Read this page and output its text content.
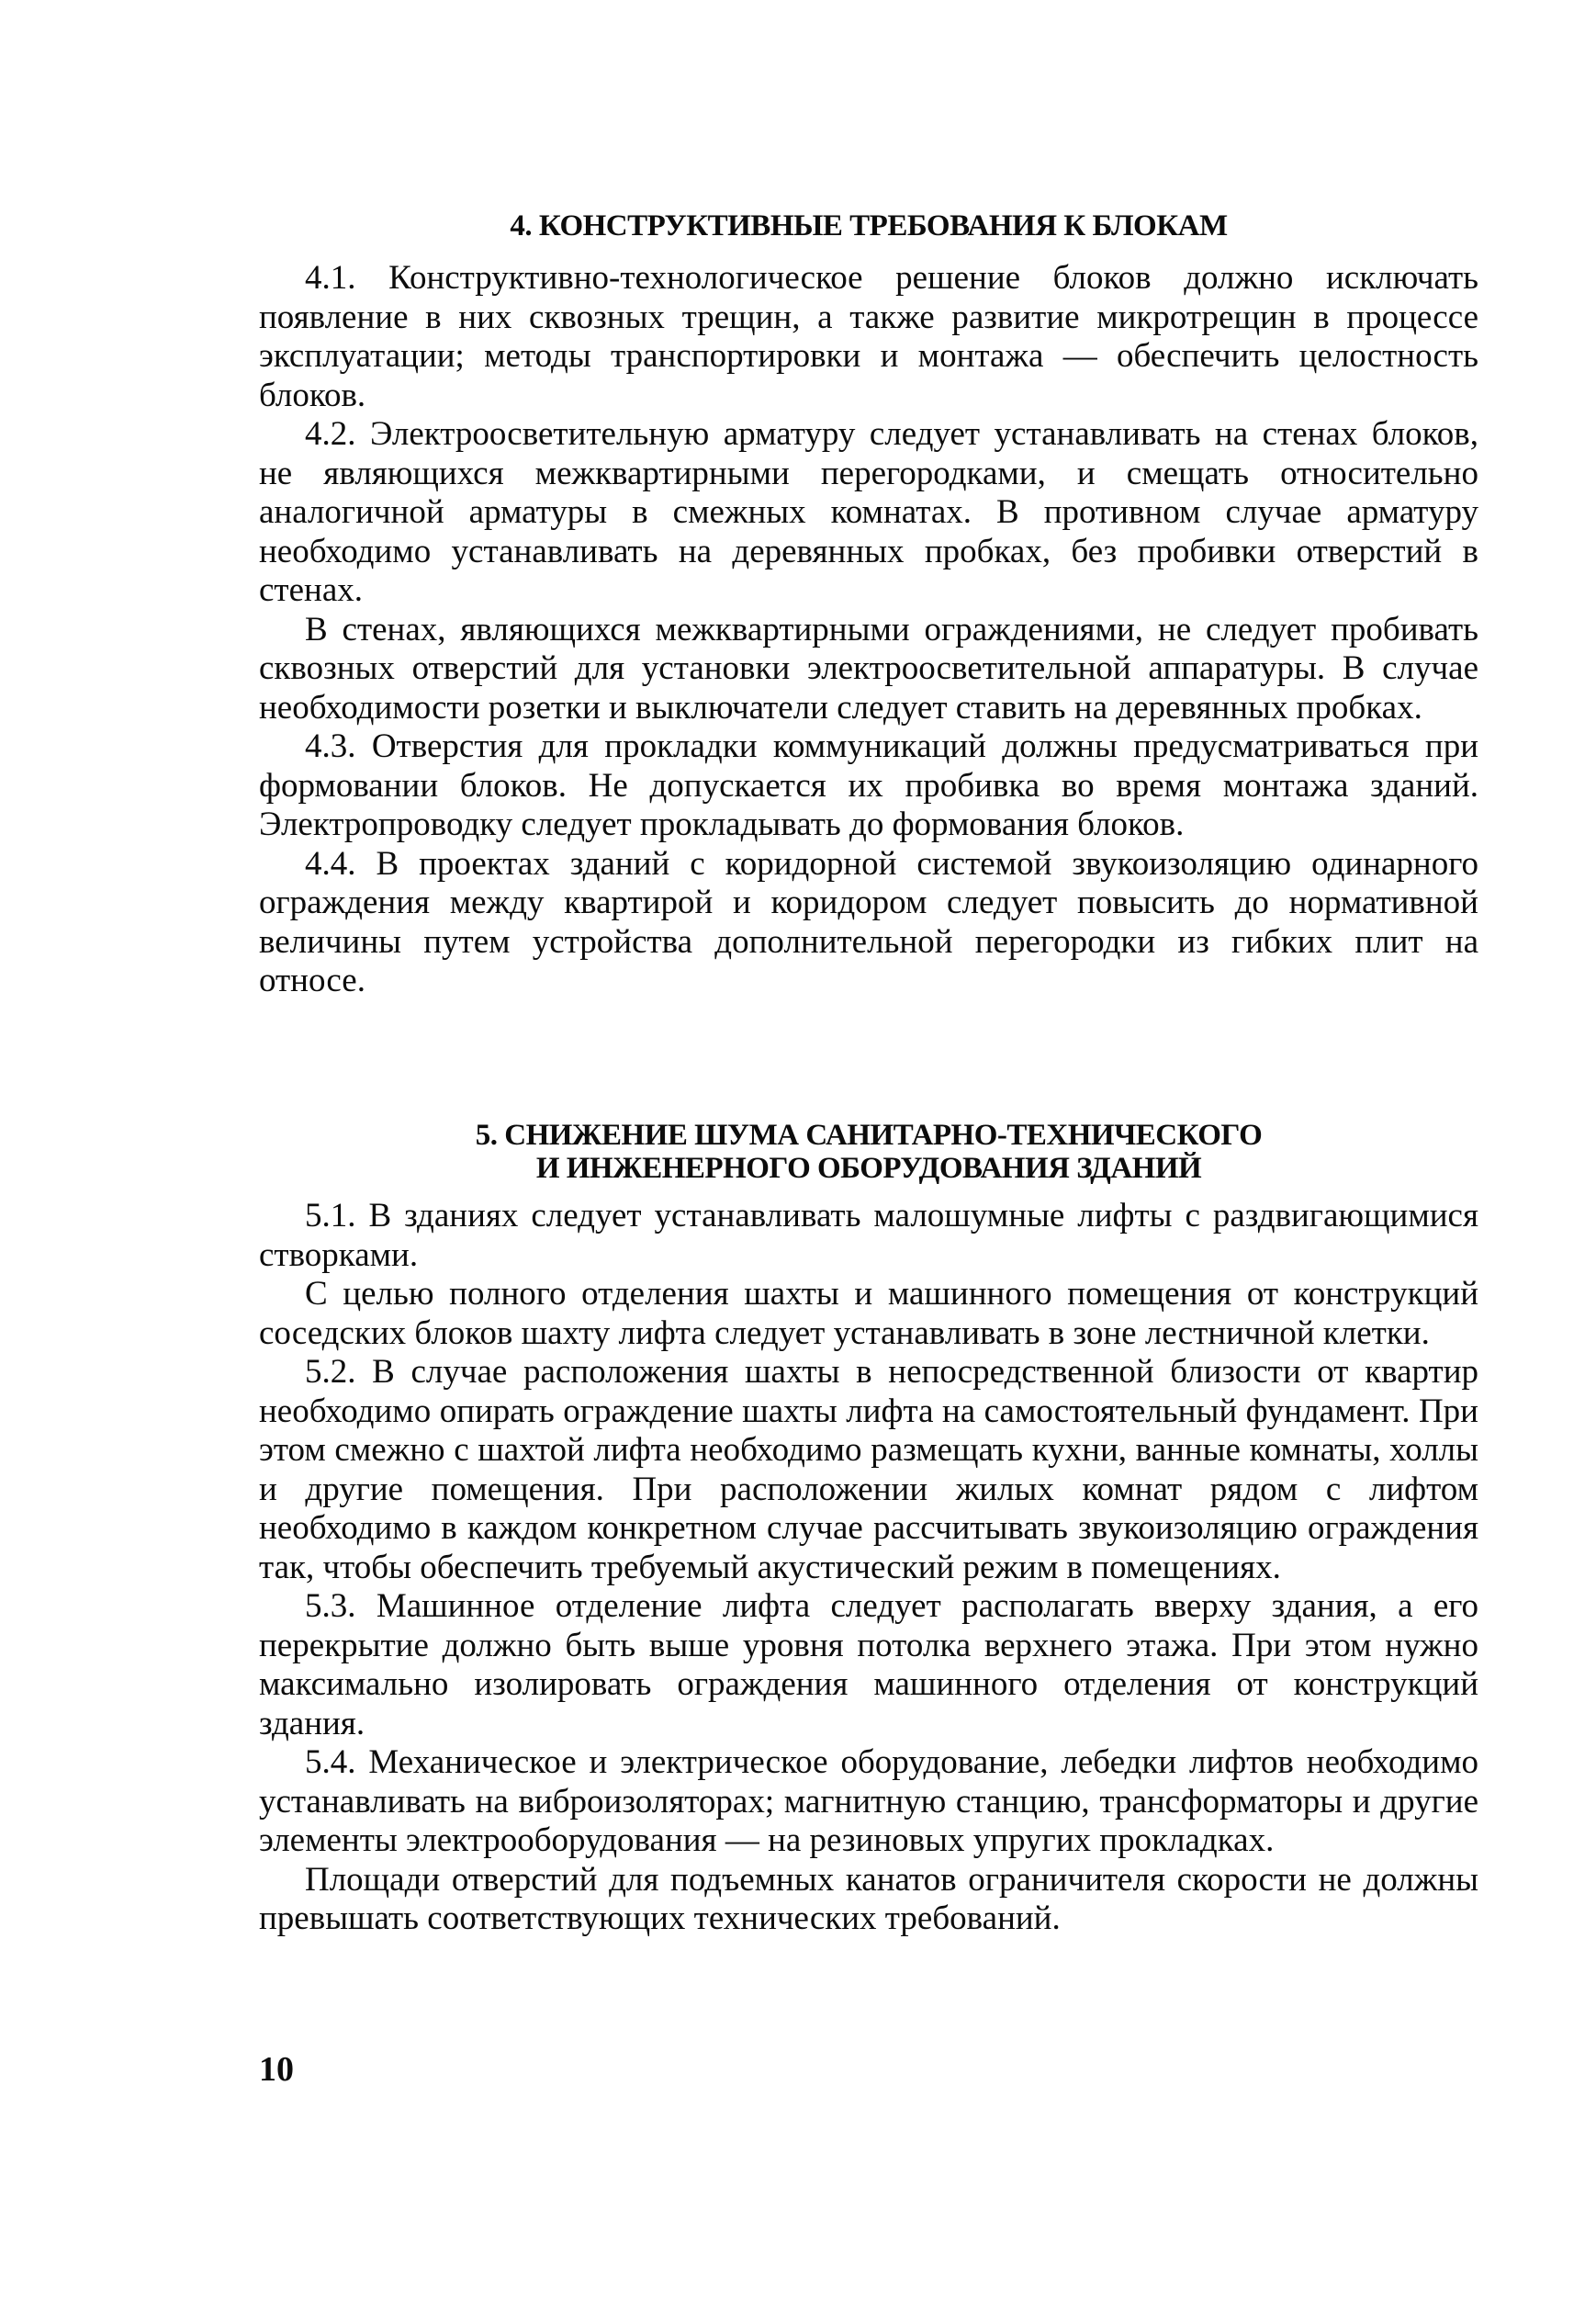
4. КОНСТРУКТИВНЫЕ ТРЕБОВАНИЯ К БЛОКАМ

4.1. Конструктивно-технологическое решение блоков должно исключать появление в них сквозных трещин, а также развитие микротрещин в процессе эксплуатации; методы транспортировки и монтажа — обеспечить целостность блоков.

4.2. Электроосветительную арматуру следует устанавливать на стенах блоков, не являющихся межквартирными перегородками, и смещать относительно аналогичной арматуры в смежных комнатах. В противном случае арматуру необходимо устанавливать на деревянных пробках, без пробивки отверстий в стенах.

В стенах, являющихся межквартирными ограждениями, не следует пробивать сквозных отверстий для установки электроосветительной аппаратуры. В случае необходимости розетки и выключатели следует ставить на деревянных пробках.

4.3. Отверстия для прокладки коммуникаций должны предусматриваться при формовании блоков. Не допускается их пробивка во время монтажа зданий. Электропроводку следует прокладывать до формования блоков.

4.4. В проектах зданий с коридорной системой звукоизоляцию одинарного ограждения между квартирой и коридором следует повысить до нормативной величины путем устройства дополнительной перегородки из гибких плит на относе.

5. СНИЖЕНИЕ ШУМА САНИТАРНО-ТЕХНИЧЕСКОГО
И ИНЖЕНЕРНОГО ОБОРУДОВАНИЯ ЗДАНИЙ

5.1. В зданиях следует устанавливать малошумные лифты с раздвигающимися створками.

С целью полного отделения шахты и машинного помещения от конструкций соседских блоков шахту лифта следует устанавливать в зоне лестничной клетки.

5.2. В случае расположения шахты в непосредственной близости от квартир необходимо опирать ограждение шахты лифта на самостоятельный фундамент. При этом смежно с шахтой лифта необходимо размещать кухни, ванные комнаты, холлы и другие помещения. При расположении жилых комнат рядом с лифтом необходимо в каждом конкретном случае рассчитывать звукоизоляцию ограждения так, чтобы обеспечить требуемый акустический режим в помещениях.

5.3. Машинное отделение лифта следует располагать вверху здания, а его перекрытие должно быть выше уровня потолка верхнего этажа. При этом нужно максимально изолировать ограждения машинного отделения от конструкций здания.

5.4. Механическое и электрическое оборудование, лебедки лифтов необходимо устанавливать на виброизоляторах; магнитную станцию, трансформаторы и другие элементы электрооборудования — на резиновых упругих прокладках.

Площади отверстий для подъемных канатов ограничителя скорости не должны превышать соответствующих технических требований.

10
